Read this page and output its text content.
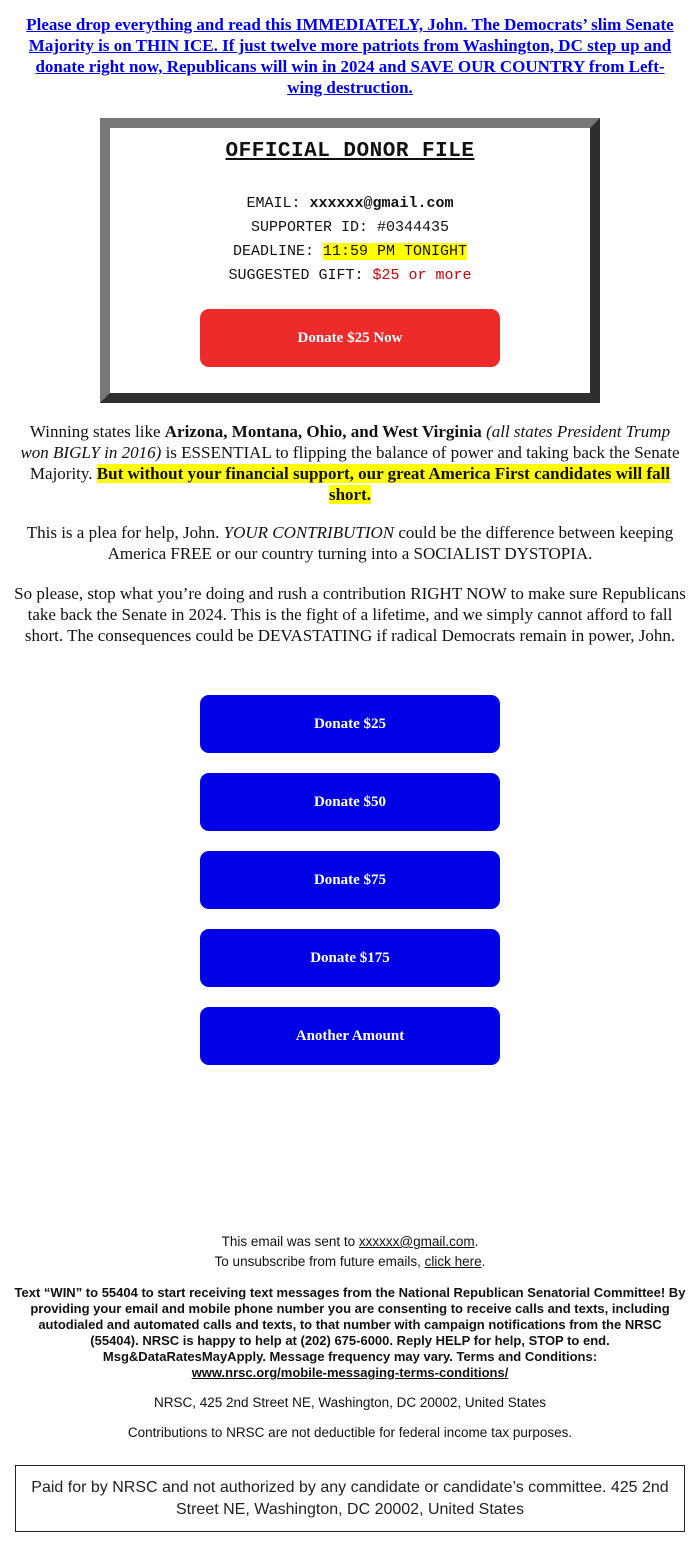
Please drop everything and read this IMMEDIATELY, John. The Democrats’ slim Senate Majority is on THIN ICE. If just twelve more patriots from Washington, DC step up and donate right now, Republicans will win in 2024 and SAVE OUR COUNTRY from Left-wing destruction.
OFFICIAL DONOR FILE
EMAIL: xxxxxx@gmail.com
SUPPORTER ID: #0344435
DEADLINE: 11:59 PM TONIGHT
SUGGESTED GIFT: $25 or more
Donate $25 Now
Winning states like Arizona, Montana, Ohio, and West Virginia (all states President Trump won BIGLY in 2016) is ESSENTIAL to flipping the balance of power and taking back the Senate Majority. But without your financial support, our great America First candidates will fall short.
This is a plea for help, John. YOUR CONTRIBUTION could be the difference between keeping America FREE or our country turning into a SOCIALIST DYSTOPIA.
So please, stop what you’re doing and rush a contribution RIGHT NOW to make sure Republicans take back the Senate in 2024. This is the fight of a lifetime, and we simply cannot afford to fall short. The consequences could be DEVASTATING if radical Democrats remain in power, John.
Donate $25
Donate $50
Donate $75
Donate $175
Another Amount
This email was sent to xxxxxx@gmail.com.
To unsubscribe from future emails, click here.
Text “WIN” to 55404 to start receiving text messages from the National Republican Senatorial Committee! By providing your email and mobile phone number you are consenting to receive calls and texts, including autodialed and automated calls and texts, to that number with campaign notifications from the NRSC (55404). NRSC is happy to help at (202) 675-6000. Reply HELP for help, STOP to end. Msg&DataRatesMayApply. Message frequency may vary. Terms and Conditions:
www.nrsc.org/mobile-messaging-terms-conditions/
NRSC, 425 2nd Street NE, Washington, DC 20002, United States
Contributions to NRSC are not deductible for federal income tax purposes.
Paid for by NRSC and not authorized by any candidate or candidate’s committee. 425 2nd Street NE, Washington, DC 20002, United States
